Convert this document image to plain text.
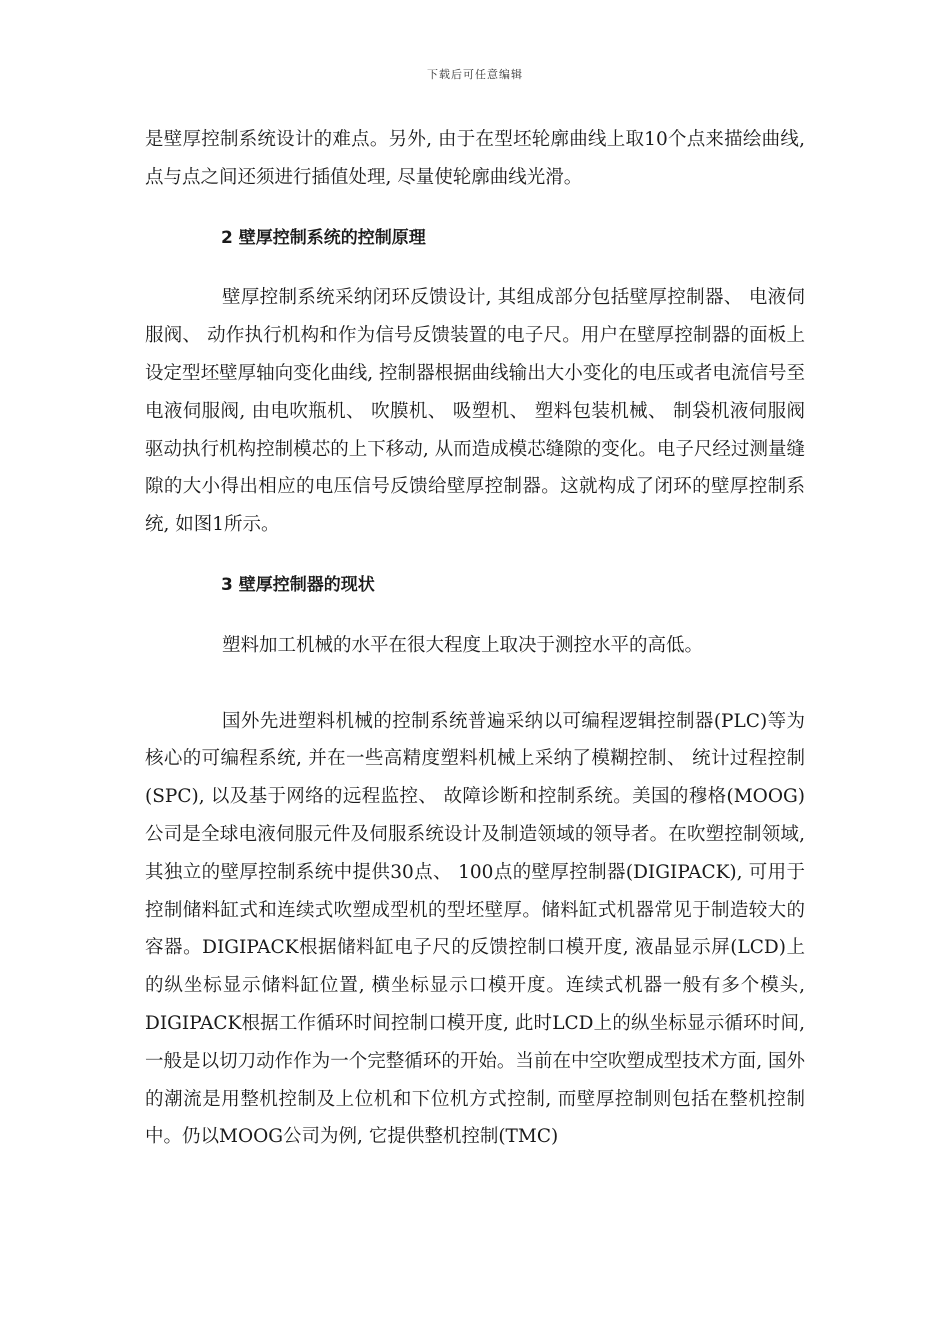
下载后可任意编辑

是壁厚控制系统设计的难点。另外, 由于在型坯轮廓曲线上取10个点来描绘曲线, 点与点之间还须进行插值处理, 尽量使轮廓曲线光滑。

2 壁厚控制系统的控制原理

壁厚控制系统采纳闭环反馈设计, 其组成部分包括壁厚控制器、 电液伺服阀、 动作执行机构和作为信号反馈装置的电子尺。用户在壁厚控制器的面板上设定型坯壁厚轴向变化曲线, 控制器根据曲线输出大小变化的电压或者电流信号至电液伺服阀, 由电吹瓶机、 吹膜机、 吸塑机、 塑料包装机械、 制袋机液伺服阀驱动执行机构控制模芯的上下移动, 从而造成模芯缝隙的变化。电子尺经过测量缝隙的大小得出相应的电压信号反馈给壁厚控制器。这就构成了闭环的壁厚控制系统, 如图1所示。

3 壁厚控制器的现状

塑料加工机械的水平在很大程度上取决于测控水平的高低。

国外先进塑料机械的控制系统普遍采纳以可编程逻辑控制器(PLC)等为核心的可编程系统, 并在一些高精度塑料机械上采纳了模糊控制、 统计过程控制(SPC), 以及基于网络的远程监控、 故障诊断和控制系统。美国的穆格(MOOG)公司是全球电液伺服元件及伺服系统设计及制造领域的领导者。在吹塑控制领域, 其独立的壁厚控制系统中提供30点、 100点的壁厚控制器(DIGIPACK), 可用于控制储料缸式和连续式吹塑成型机的型坯壁厚。储料缸式机器常见于制造较大的容器。DIGIPACK根据储料缸电子尺的反馈控制口模开度, 液晶显示屏(LCD)上的纵坐标显示储料缸位置, 横坐标显示口模开度。连续式机器一般有多个模头, DIGIPACK根据工作循环时间控制口模开度, 此时LCD上的纵坐标显示循环时间, 一般是以切刀动作作为一个完整循环的开始。当前在中空吹塑成型技术方面, 国外的潮流是用整机控制及上位机和下位机方式控制, 而壁厚控制则包括在整机控制中。仍以MOOG公司为例, 它提供整机控制(TMC)
